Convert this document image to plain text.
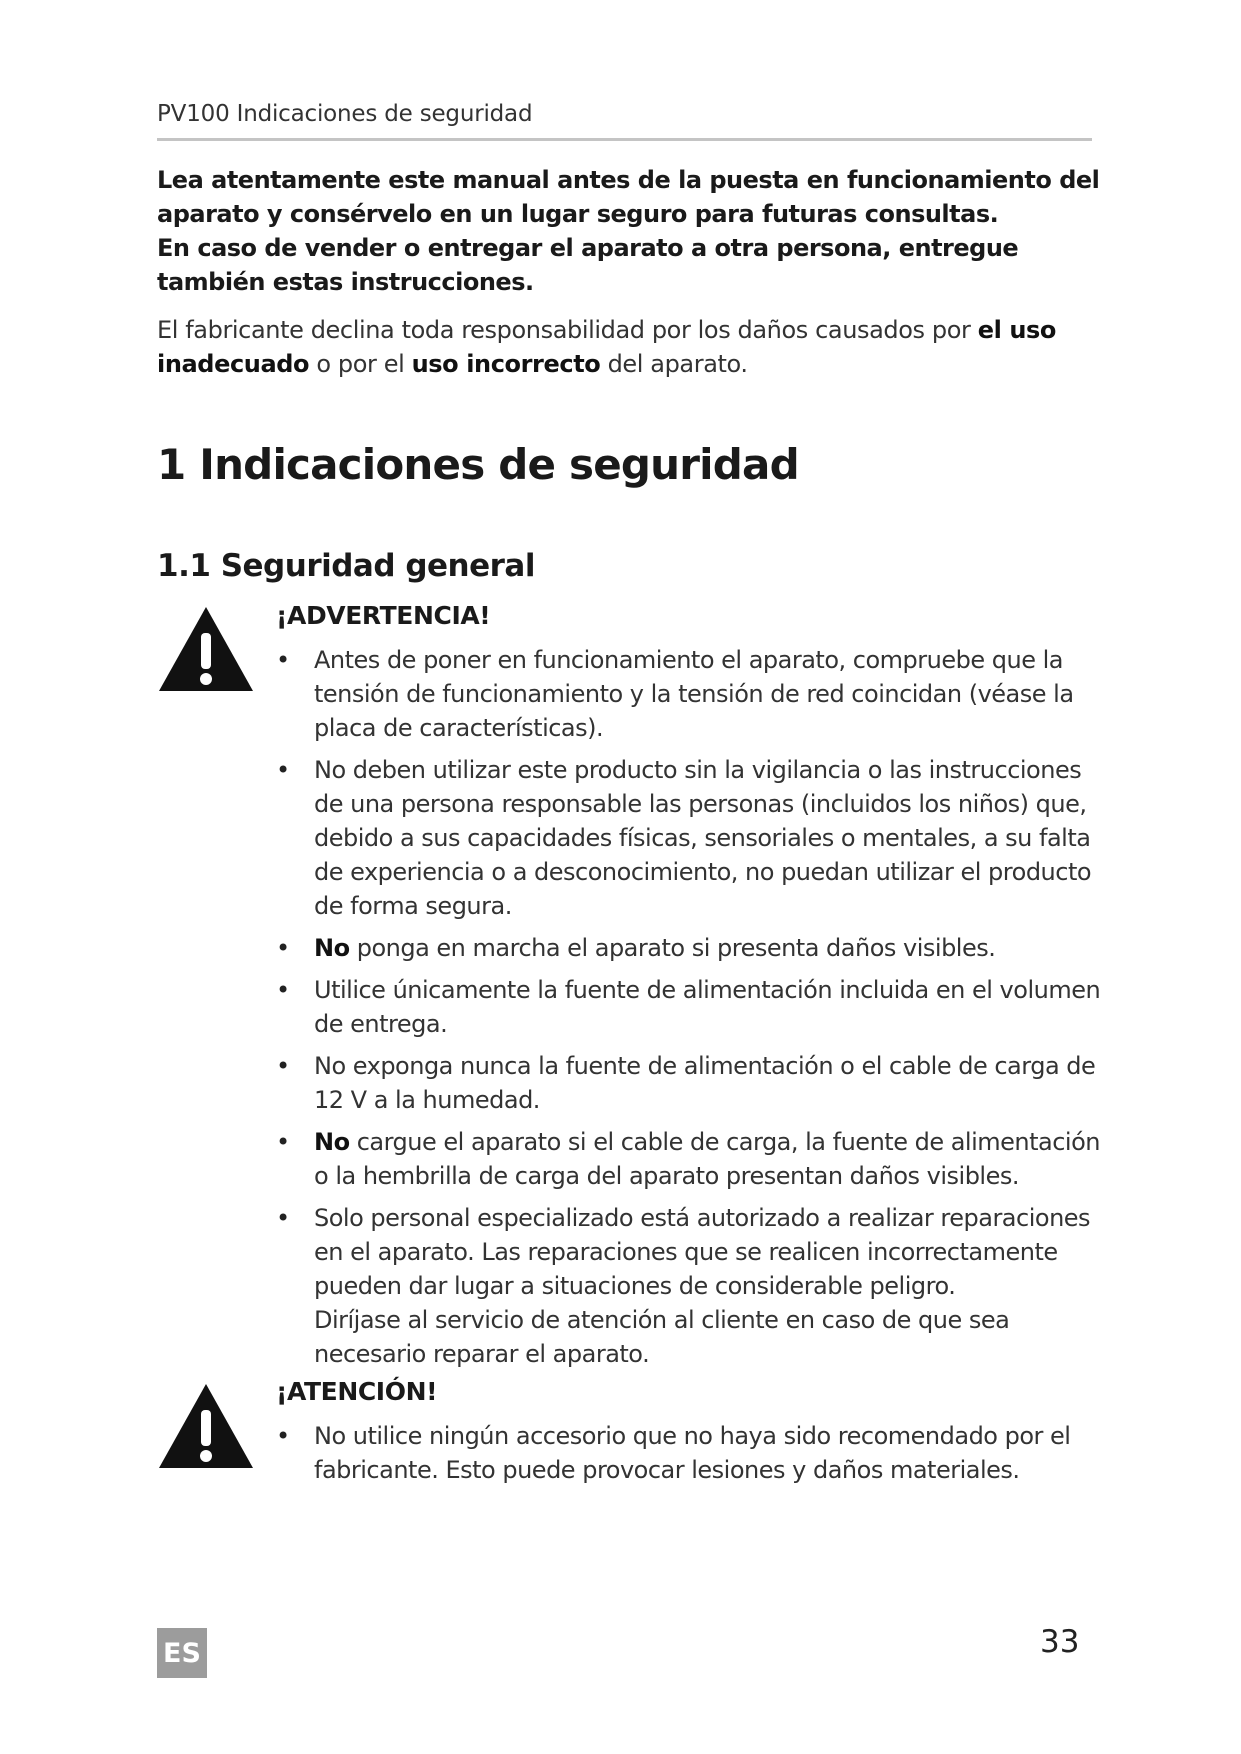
PV100 Indicaciones de seguridad

Lea atentamente este manual antes de la puesta en funcionamiento del aparato y consérvelo en un lugar seguro para futuras consultas.

En caso de vender o entregar el aparato a otra persona, entregue también estas instrucciones.

El fabricante declina toda responsabilidad por los daños causados por el uso inadecuado o por el uso incorrecto del aparato.
1 Indicaciones de seguridad
1.1 Seguridad general
¡ADVERTENCIA!
• Antes de poner en funcionamiento el aparato, compruebe que la tensión de funcionamiento y la tensión de red coincidan (véase la placa de características).
• No deben utilizar este producto sin la vigilancia o las instrucciones de una persona responsable las personas (incluidos los niños) que, debido a sus capacidades físicas, sensoriales o mentales, a su falta de experiencia o a desconocimiento, no puedan utilizar el producto de forma segura.
• No ponga en marcha el aparato si presenta daños visibles.
• Utilice únicamente la fuente de alimentación incluida en el volumen de entrega.
• No exponga nunca la fuente de alimentación o el cable de carga de 12 V a la humedad.
• No cargue el aparato si el cable de carga, la fuente de alimentación o la hembrilla de carga del aparato presentan daños visibles.
• Solo personal especializado está autorizado a realizar reparaciones en el aparato. Las reparaciones que se realicen incorrectamente pueden dar lugar a situaciones de considerable peligro.
Diríjase al servicio de atención al cliente en caso de que sea necesario reparar el aparato.
¡ATENCIÓN!
• No utilice ningún accesorio que no haya sido recomendado por el fabricante. Esto puede provocar lesiones y daños materiales.
ES	33
